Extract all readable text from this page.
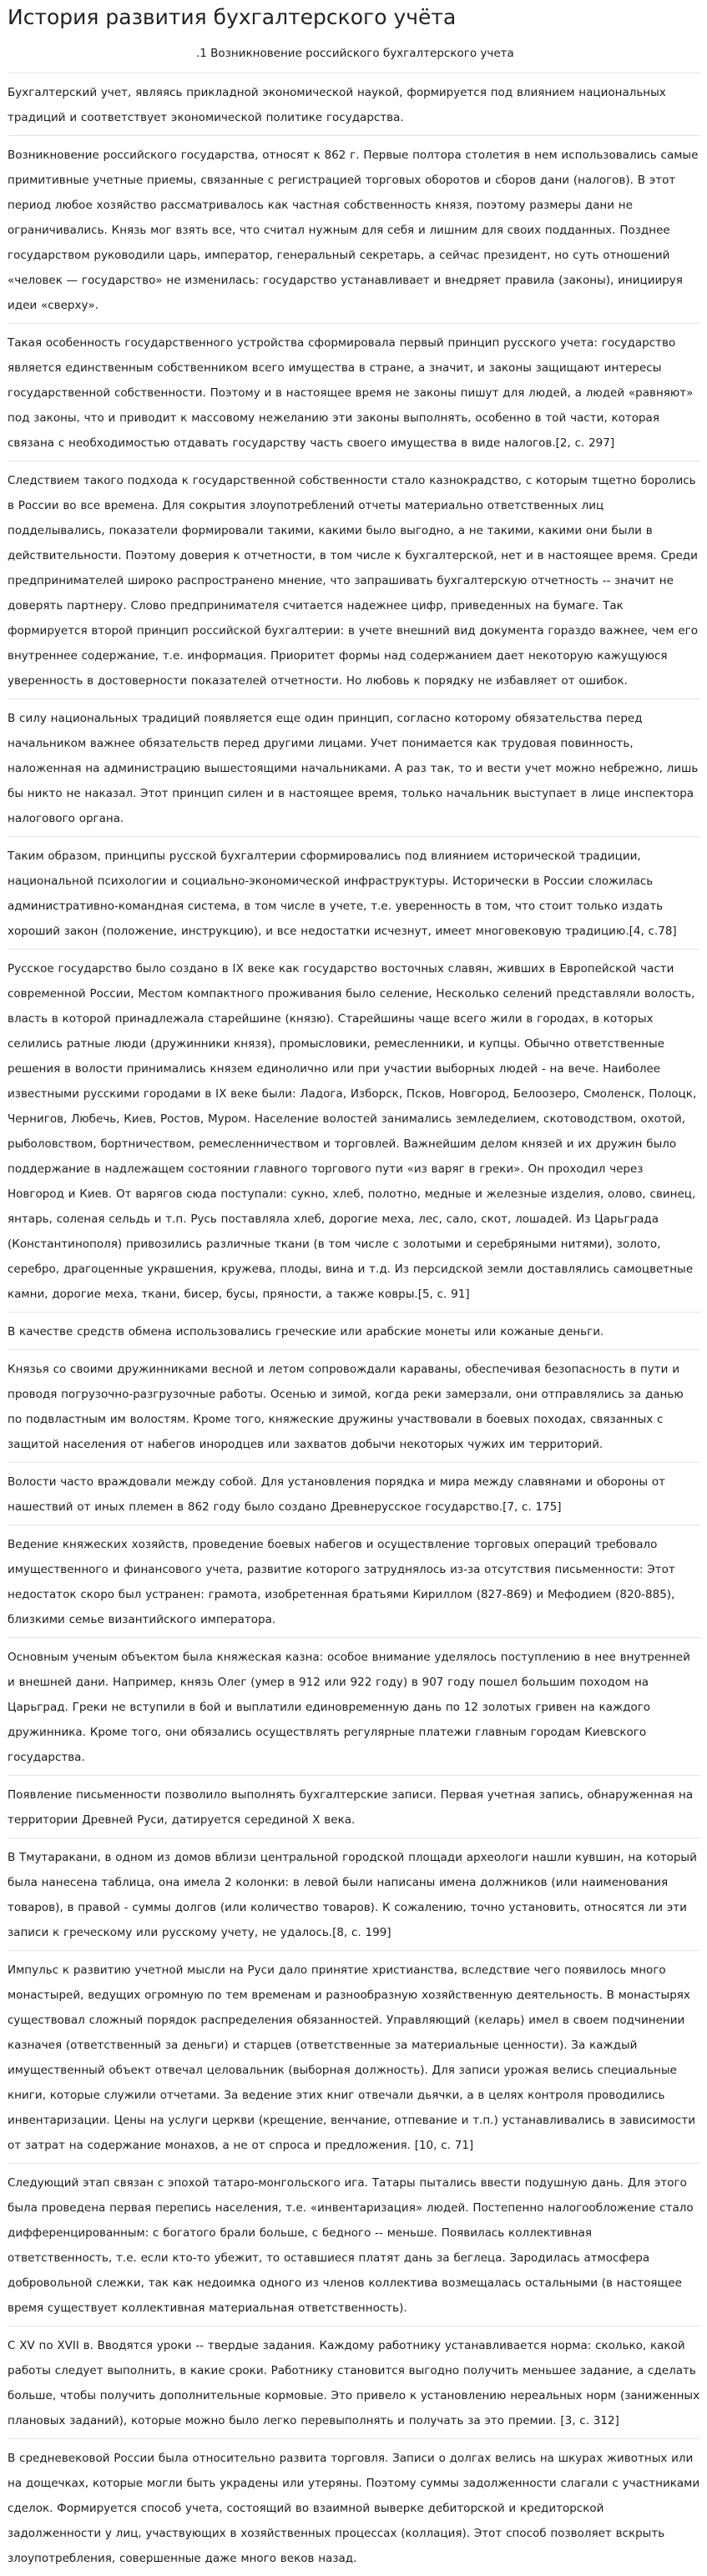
История развития бухгалтерского учёта
.1 Возникновение российского бухгалтерского учета

Бухгалтерский учет, являясь прикладной экономической наукой, формируется под влиянием национальных традиций и соответствует экономической политике государства.

Возникновение российского государства, относят к 862 г. Первые полтора столетия в нем использовались самые примитивные учетные приемы, связанные с регистрацией торговых оборотов и сборов дани (налогов). В этот период любое хозяйство рассматривалось как частная собственность князя, поэтому размеры дани не ограничивались. Князь мог взять все, что считал нужным для себя и лишним для своих подданных. Позднее государством руководили царь, император, генеральный секретарь, а сейчас президент, но суть отношений «человек — государство» не изменилась: государство устанавливает и внедряет правила (законы), инициируя идеи «сверху».

Такая особенность государственного устройства сформировала первый принцип русского учета: государство является единственным собственником всего имущества в стране, а значит, и законы защищают интересы государственной собственности. Поэтому и в настоящее время не законы пишут для людей, а людей «равняют» под законы, что и приводит к массовому нежеланию эти законы выполнять, особенно в той части, которая связана с необходимостью отдавать государству часть своего имущества в виде налогов.[2, с. 297]

Следствием такого подхода к государственной собственности стало казнокрадство, с которым тщетно боролись в России во все времена. Для сокрытия злоупотреблений отчеты материально ответственных лиц подделывались, показатели формировали такими, какими было выгодно, а не такими, какими они были в действительности. Поэтому доверия к отчетности, в том числе к бухгалтерской, нет и в настоящее время. Среди предпринимателей широко распространено мнение, что запрашивать бухгалтерскую отчетность -- значит не доверять партнеру. Слово предпринимателя считается надежнее цифр, приведенных на бумаге. Так формируется второй принцип российской бухгалтерии: в учете внешний вид документа гораздо важнее, чем его внутреннее содержание, т.е. информация. Приоритет формы над содержанием дает некоторую кажущуюся уверенность в достоверности показателей отчетности. Но любовь к порядку не избавляет от ошибок.

В силу национальных традиций появляется еще один принцип, согласно которому обязательства перед начальником важнее обязательств перед другими лицами. Учет понимается как трудовая повинность, наложенная на администрацию вышестоящими начальниками. А раз так, то и вести учет можно небрежно, лишь бы никто не наказал. Этот принцип силен и в настоящее время, только начальник выступает в лице инспектора налогового органа.

Таким образом, принципы русской бухгалтерии сформировались под влиянием исторической традиции, национальной психологии и социально-экономической инфраструктуры. Исторически в России сложилась административно-командная система, в том числе в учете, т.е. уверенность в том, что стоит только издать хороший закон (положение, инструкцию), и все недостатки исчезнут, имеет многовековую традицию.[4, с.78]

Русское государство было создано в IX веке как государство восточных славян, живших в Европейской части современной России, Местом компактного проживания было селение, Несколько селений представляли волость, власть в которой принадлежала старейшине (князю). Старейшины чаще всего жили в городах, в которых селились ратные люди (дружинники князя), промысловики, ремесленники, и купцы. Обычно ответственные решения в волости принимались князем единолично или при участии выборных людей - на вече. Наиболее известными русскими городами в IX веке были: Ладога, Изборск, Псков, Новгород, Белоозеро, Смоленск, Полоцк, Чернигов, Любечь, Киев, Ростов, Муром. Население волостей занимались земледелием, скотоводством, охотой, рыболовством, бортничеством, ремесленничеством и торговлей. Важнейшим делом князей и их дружин было поддержание в надлежащем состоянии главного торгового пути «из варяг в греки». Он проходил через Новгород и Киев. От варягов сюда поступали: сукно, хлеб, полотно, медные и железные изделия, олово, свинец, янтарь, соленая сельдь и т.п. Русь поставляла хлеб, дорогие меха, лес, сало, скот, лошадей. Из Царьграда (Константинополя) привозились различные ткани (в том числе с золотыми и серебряными нитями), золото, серебро, драгоценные украшения, кружева, плоды, вина и т.д. Из персидской земли доставлялись самоцветные камни, дорогие меха, ткани, бисер, бусы, пряности, а также ковры.[5, с. 91]

В качестве средств обмена использовались греческие или арабские монеты или кожаные деньги.

Князья со своими дружинниками весной и летом сопровождали караваны, обеспечивая безопасность в пути и проводя погрузочно-разгрузочные работы. Осенью и зимой, когда реки замерзали, они отправлялись за данью по подвластным им волостям. Кроме того, княжеские дружины участвовали в боевых походах, связанных с защитой населения от набегов инородцев или захватов добычи некоторых чужих им территорий.

Волости часто враждовали между собой. Для установления порядка и мира между славянами и обороны от нашествий от иных племен в 862 году было создано Древнерусское государство.[7, с. 175]

Ведение княжеских хозяйств, проведение боевых набегов и осуществление торговых операций требовало имущественного и финансового учета, развитие которого затруднялось из-за отсутствия письменности: Этот недостаток скоро был устранен: грамота, изобретенная братьями Кириллом (827-869) и Мефодием (820-885), близкими семье византийского императора.

Основным ученым объектом была княжеская казна: особое внимание уделялось поступлению в нее внутренней и внешней дани. Например, князь Олег (умер в 912 или 922 году) в 907 году пошел большим походом на Царьград. Греки не вступили в бой и выплатили единовременную дань по 12 золотых гривен на каждого дружинника. Кроме того, они обязались осуществлять регулярные платежи главным городам Киевского государства.

Появление письменности позволило выполнять бухгалтерские записи. Первая учетная запись, обнаруженная на территории Древней Руси, датируется серединой X века.

В Тмутаракани, в одном из домов вблизи центральной городской площади археологи нашли кувшин, на который была нанесена таблица, она имела 2 колонки: в левой были написаны имена должников (или наименования товаров), в правой - суммы долгов (или количество товаров). К сожалению, точно установить, относятся ли эти записи к греческому или русскому учету, не удалось.[8, с. 199]

Импульс к развитию учетной мысли на Руси дало принятие христианства, вследствие чего появилось много монастырей, ведущих огромную по тем временам и разнообразную хозяйственную деятельность. В монастырях существовал сложный порядок распределения обязанностей. Управляющий (келарь) имел в своем подчинении казначея (ответственный за деньги) и старцев (ответственные за материальные ценности). За каждый имущественный объект отвечал целовальник (выборная должность). Для записи урожая велись специальные книги, которые служили отчетами. За ведение этих книг отвечали дьячки, а в целях контроля проводились инвентаризации. Цены на услуги церкви (крещение, венчание, отпевание и т.п.) устанавливались в зависимости от затрат на содержание монахов, а не от спроса и предложения. [10, с. 71]

Следующий этап связан с эпохой татаро-монгольского ига. Татары пытались ввести подушную дань. Для этого была проведена первая перепись населения, т.е. «инвентаризация» людей. Постепенно налогообложение стало дифференцированным: с богатого брали больше, с бедного -- меньше. Появилась коллективная ответственность, т.е. если кто-то убежит, то оставшиеся платят дань за беглеца. Зародилась атмосфера добровольной слежки, так как недоимка одного из членов коллектива возмещалась остальными (в настоящее время существует коллективная материальная ответственность).

С XV по XVII в. Вводятся уроки -- твердые задания. Каждому работнику устанавливается норма: сколько, какой работы следует выполнить, в какие сроки. Работнику становится выгодно получить меньшее задание, а сделать больше, чтобы получить дополнительные кормовые. Это привело к установлению нереальных норм (заниженных плановых заданий), которые можно было легко перевыполнять и получать за это премии. [3, с. 312]

В средневековой России была относительно развита торговля. Записи о долгах велись на шкурах животных или на дощечках, которые могли быть украдены или утеряны. Поэтому суммы задолженности слагали с участниками сделок. Формируется способ учета, состоящий во взаимной выверке дебиторской и кредиторской задолженности у лиц, участвующих в хозяйственных процессах (коллация). Этот способ позволяет вскрыть злоупотребления, совершенные даже много веков назад.
